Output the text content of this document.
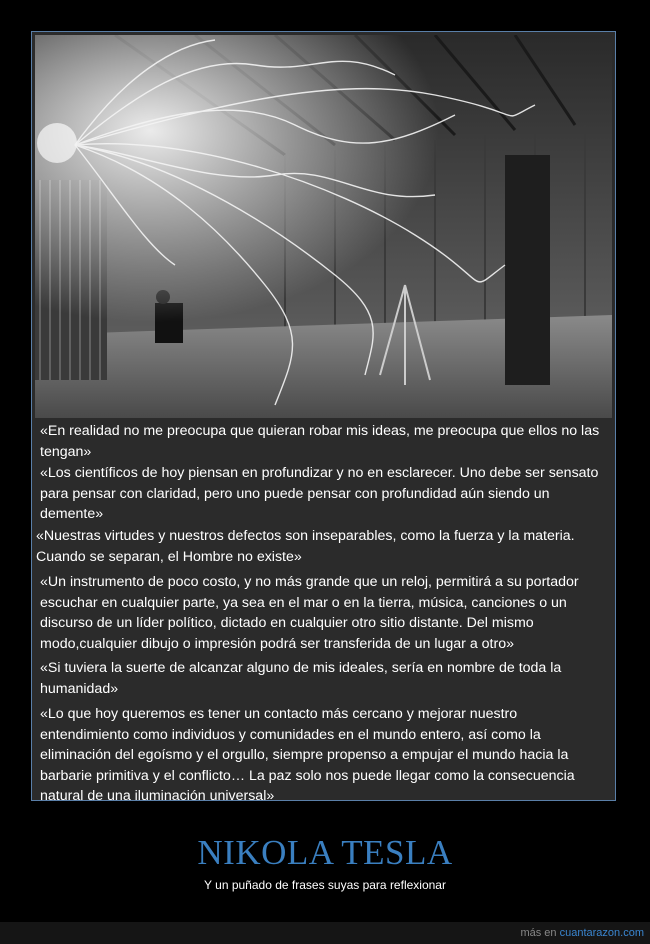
«En realidad no me preocupa que quieran robar mis ideas, me preocupa que ellos no las tengan»
«Los científicos de hoy piensan en profundizar y no en esclarecer. Uno debe ser sensato para pensar con claridad, pero uno puede pensar con profundidad aún siendo un demente»
«Nuestras virtudes y nuestros defectos son inseparables, como la fuerza y la materia. Cuando se separan, el Hombre no existe»
«Un instrumento de poco costo, y no más grande que un reloj, permitirá a su portador escuchar en cualquier parte, ya sea en el mar o en la tierra, música, canciones o un discurso de un líder político, dictado en cualquier otro sitio distante. Del mismo modo,cualquier dibujo o impresión podrá ser transferida de un lugar a otro»
«Si tuviera la suerte de alcanzar alguno de mis ideales, sería en nombre de toda la humanidad»
«Lo que hoy queremos es tener un contacto más cercano y mejorar nuestro entendimiento como individuos y comunidades en el mundo entero, así como la eliminación del egoísmo y el orgullo, siempre propenso a empujar el mundo hacia la barbarie primitiva y el conflicto… La paz solo nos puede llegar como la consecuencia natural de una iluminación universal»
NIKOLA TESLA
Y un puñado de frases suyas para reflexionar
más en cuantarazon.com
